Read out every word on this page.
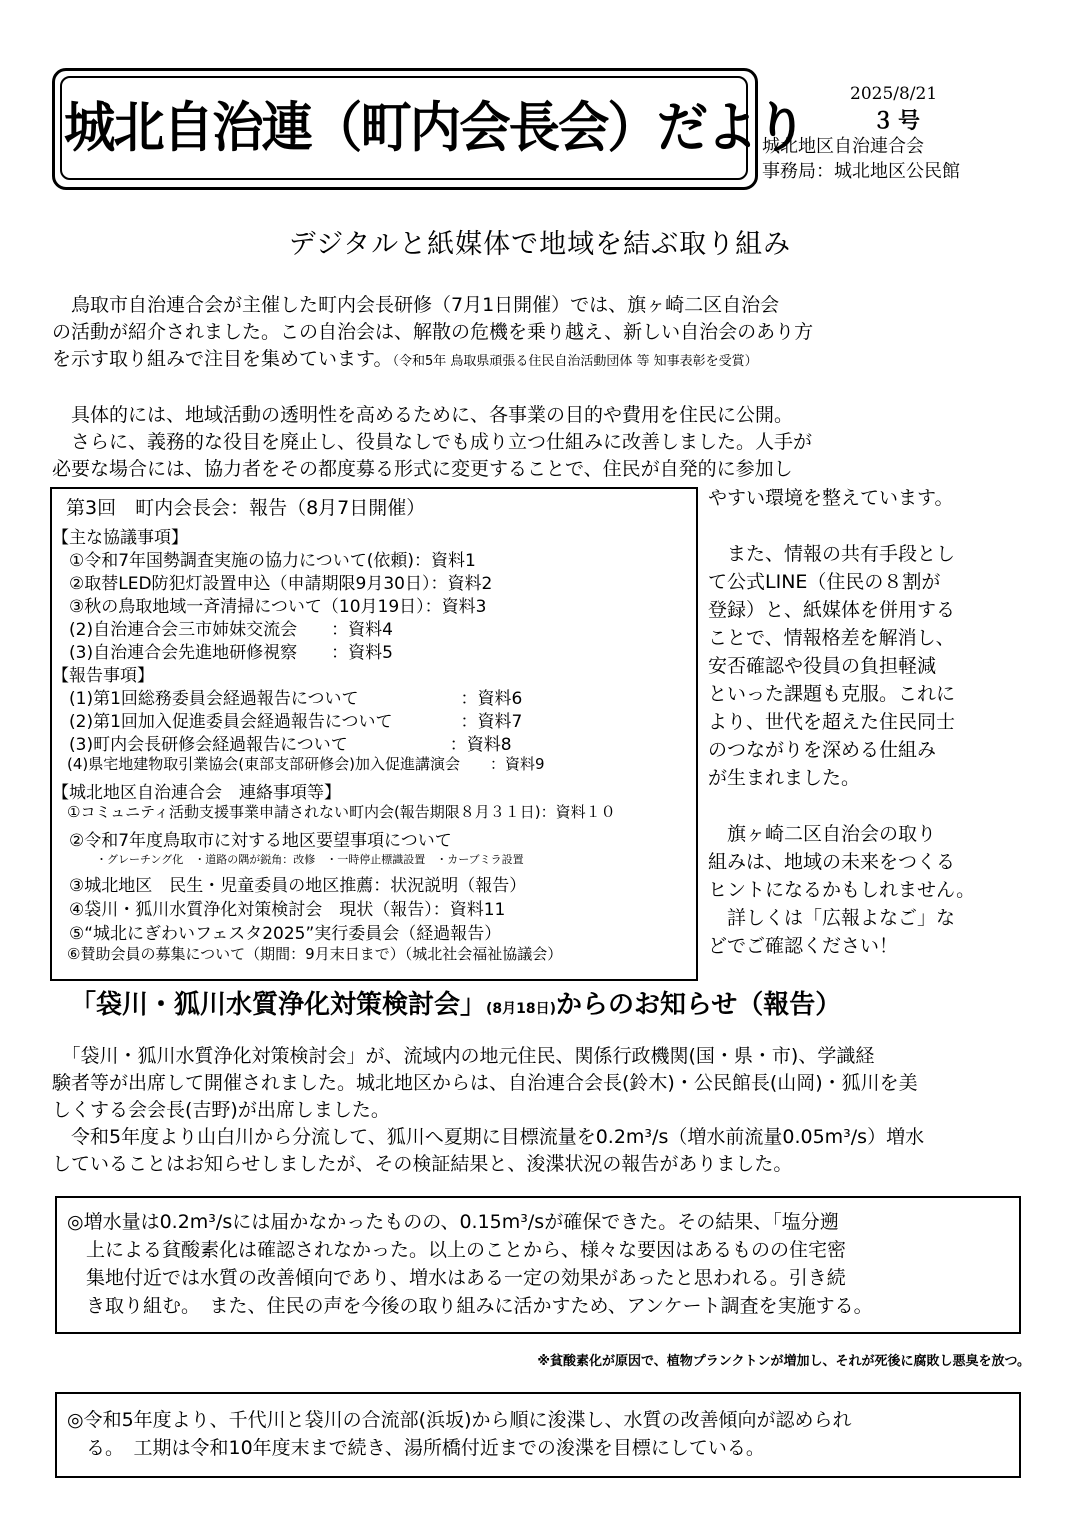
城北自治連（町内会長会）だより
2025/8/21
３号
城北地区自治連合会
事務局：城北地区公民館
デジタルと紙媒体で地域を結ぶ取り組み

　鳥取市自治連合会が主催した町内会長研修（7月1日開催）では、旗ヶ崎二区自治会

の活動が紹介されました。この自治会は、解散の危機を乗り越え、新しい自治会のあり方

を示す取り組みで注目を集めています。（令和5年 鳥取県頑張る住民自治活動団体 等 知事表彰を受賞）

　具体的には、地域活動の透明性を高めるために、各事業の目的や費用を住民に公開。

　さらに、義務的な役目を廃止し、役員なしでも成り立つ仕組みに改善しました。人手が

必要な場合には、協力者をその都度募る形式に変更することで、住民が自発的に参加し

第3回　町内会長会：報告（8月7日開催）
【主な協議事項】
　①令和7年国勢調査実施の協力について(依頼)：資料1
　②取替LED防犯灯設置申込（申請期限9月30日）：資料2
　③秋の鳥取地域一斉清掃について（10月19日）：資料3
　(2)自治連合会三市姉妹交流会　　：資料4
　(3)自治連合会先進地研修視察　　：資料5
【報告事項】
　(1)第1回総務委員会経過報告について　　　　　　：資料6
　(2)第1回加入促進委員会経過報告について　　　　：資料7
　(3)町内会長研修会経過報告について　　　　　　：資料8
　(4)県宅地建物取引業協会(東部支部研修会)加入促進講演会　　：資料9
【城北地区自治連合会　連絡事項等】
　①コミュニティ活動支援事業申請されない町内会(報告期限８月３１日)：資料１０
　②令和7年度鳥取市に対する地区要望事項について
　　　　・グレーチング化　・道路の隅が鋭角：改修　・一時停止標識設置　・カーブミラ設置
　③城北地区　民生・児童委員の地区推薦：状況説明（報告）
　④袋川・狐川水質浄化対策検討会　現状（報告）：資料11
　⑤“城北にぎわいフェスタ2025”実行委員会（経過報告）
　⑥賛助会員の募集について（期間：9月末日まで）（城北社会福祉協議会）

やすい環境を整えています。

　また、情報の共有手段とし

て公式LINE（住民の８割が

登録）と、紙媒体を併用する

ことで、情報格差を解消し、

安否確認や役員の負担軽減

といった課題も克服。これに

より、世代を超えた住民同士

のつながりを深める仕組み

が生まれました。

　旗ヶ崎二区自治会の取り

組みは、地域の未来をつくる

ヒントになるかもしれません。

　詳しくは「広報よなご」な

どでご確認ください！

「袋川・狐川水質浄化対策検討会」(8月18日)からのお知らせ（報告）

　「袋川・狐川水質浄化対策検討会」が、流域内の地元住民、関係行政機関(国・県・市)、学識経

験者等が出席して開催されました。城北地区からは、自治連合会長(鈴木)・公民館長(山岡)・狐川を美

しくする会会長(吉野)が出席しました。

　令和5年度より山白川から分流して、狐川へ夏期に目標流量を0.2m³/s（増水前流量0.05m³/s）増水

していることはお知らせしましたが、その検証結果と、浚渫状況の報告がありました。

◎増水量は0.2m³/sには届かなかったものの、0.15m³/sが確保できた。その結果、「塩分遡
　上による貧酸素化は確認されなかった。以上のことから、様々な要因はあるものの住宅密
　集地付近では水質の改善傾向であり、増水はある一定の効果があったと思われる。引き続
　き取り組む。　また、住民の声を今後の取り組みに活かすため、アンケート調査を実施する。
※貧酸素化が原因で、植物プランクトンが増加し、それが死後に腐敗し悪臭を放つ。
◎令和5年度より、千代川と袋川の合流部(浜坂)から順に浚渫し、水質の改善傾向が認められ
　る。　工期は令和10年度末まで続き、湯所橋付近までの浚渫を目標にしている。
